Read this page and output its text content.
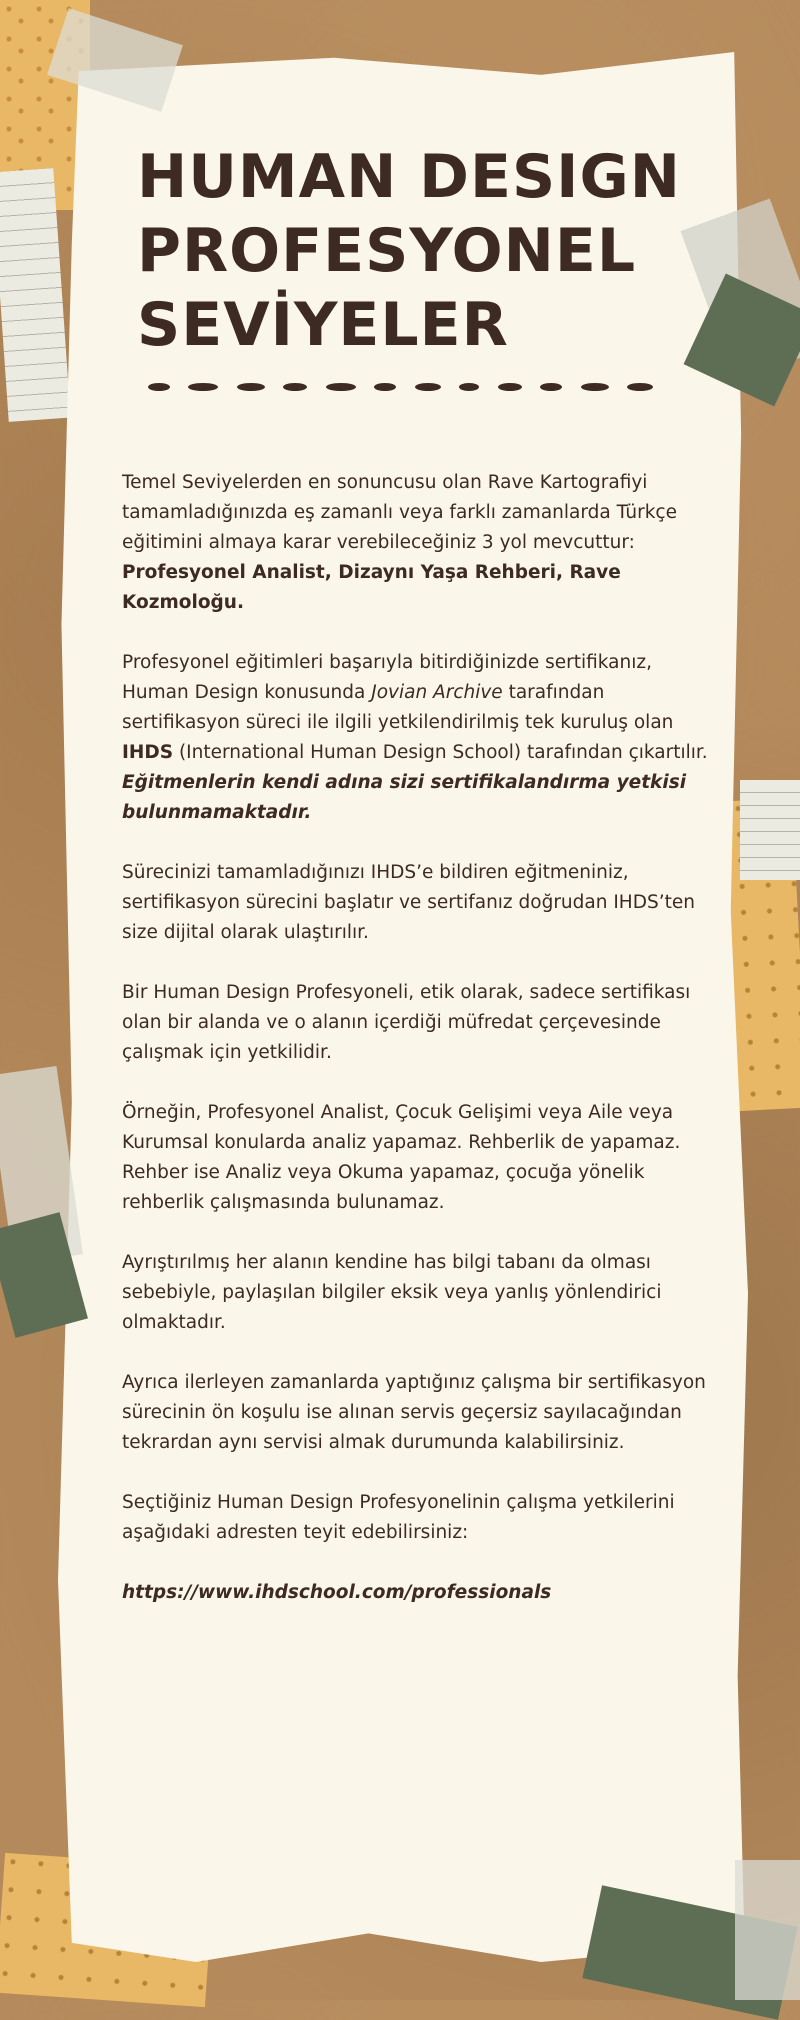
HUMAN DESIGN
PROFESYONEL
SEVİYELER

Temel Seviyelerden en sonuncusu olan Rave Kartografiyi tamamladığınızda eş zamanlı veya farklı zamanlarda Türkçe eğitimini almaya karar verebileceğiniz 3 yol mevcuttur: Profesyonel Analist, Dizaynı Yaşa Rehberi, Rave Kozmoloğu.

Profesyonel eğitimleri başarıyla bitirdiğinizde sertifikanız, Human Design konusunda Jovian Archive tarafından sertifikasyon süreci ile ilgili yetkilendirilmiş tek kuruluş olan IHDS (International Human Design School) tarafından çıkartılır. Eğitmenlerin kendi adına sizi sertifikalandırma yetkisi bulunmamaktadır.

Sürecinizi tamamladığınızı IHDS’e bildiren eğitmeniniz, sertifikasyon sürecini başlatır ve sertifanız doğrudan IHDS’ten size dijital olarak ulaştırılır.

Bir Human Design Profesyoneli, etik olarak, sadece sertifikası olan bir alanda ve o alanın içerdiği müfredat çerçevesinde çalışmak için yetkilidir.

Örneğin, Profesyonel Analist, Çocuk Gelişimi veya Aile veya Kurumsal konularda analiz yapamaz. Rehberlik de yapamaz. Rehber ise Analiz veya Okuma yapamaz, çocuğa yönelik rehberlik çalışmasında bulunamaz.

Ayrıştırılmış her alanın kendine has bilgi tabanı da olması sebebiyle, paylaşılan bilgiler eksik veya yanlış yönlendirici olmaktadır.

Ayrıca ilerleyen zamanlarda yaptığınız çalışma bir sertifikasyon sürecinin ön koşulu ise alınan servis geçersiz sayılacağından tekrardan aynı servisi almak durumunda kalabilirsiniz.

Seçtiğiniz Human Design Profesyonelinin çalışma yetkilerini aşağıdaki adresten teyit edebilirsiniz:

https://www.ihdschool.com/professionals
